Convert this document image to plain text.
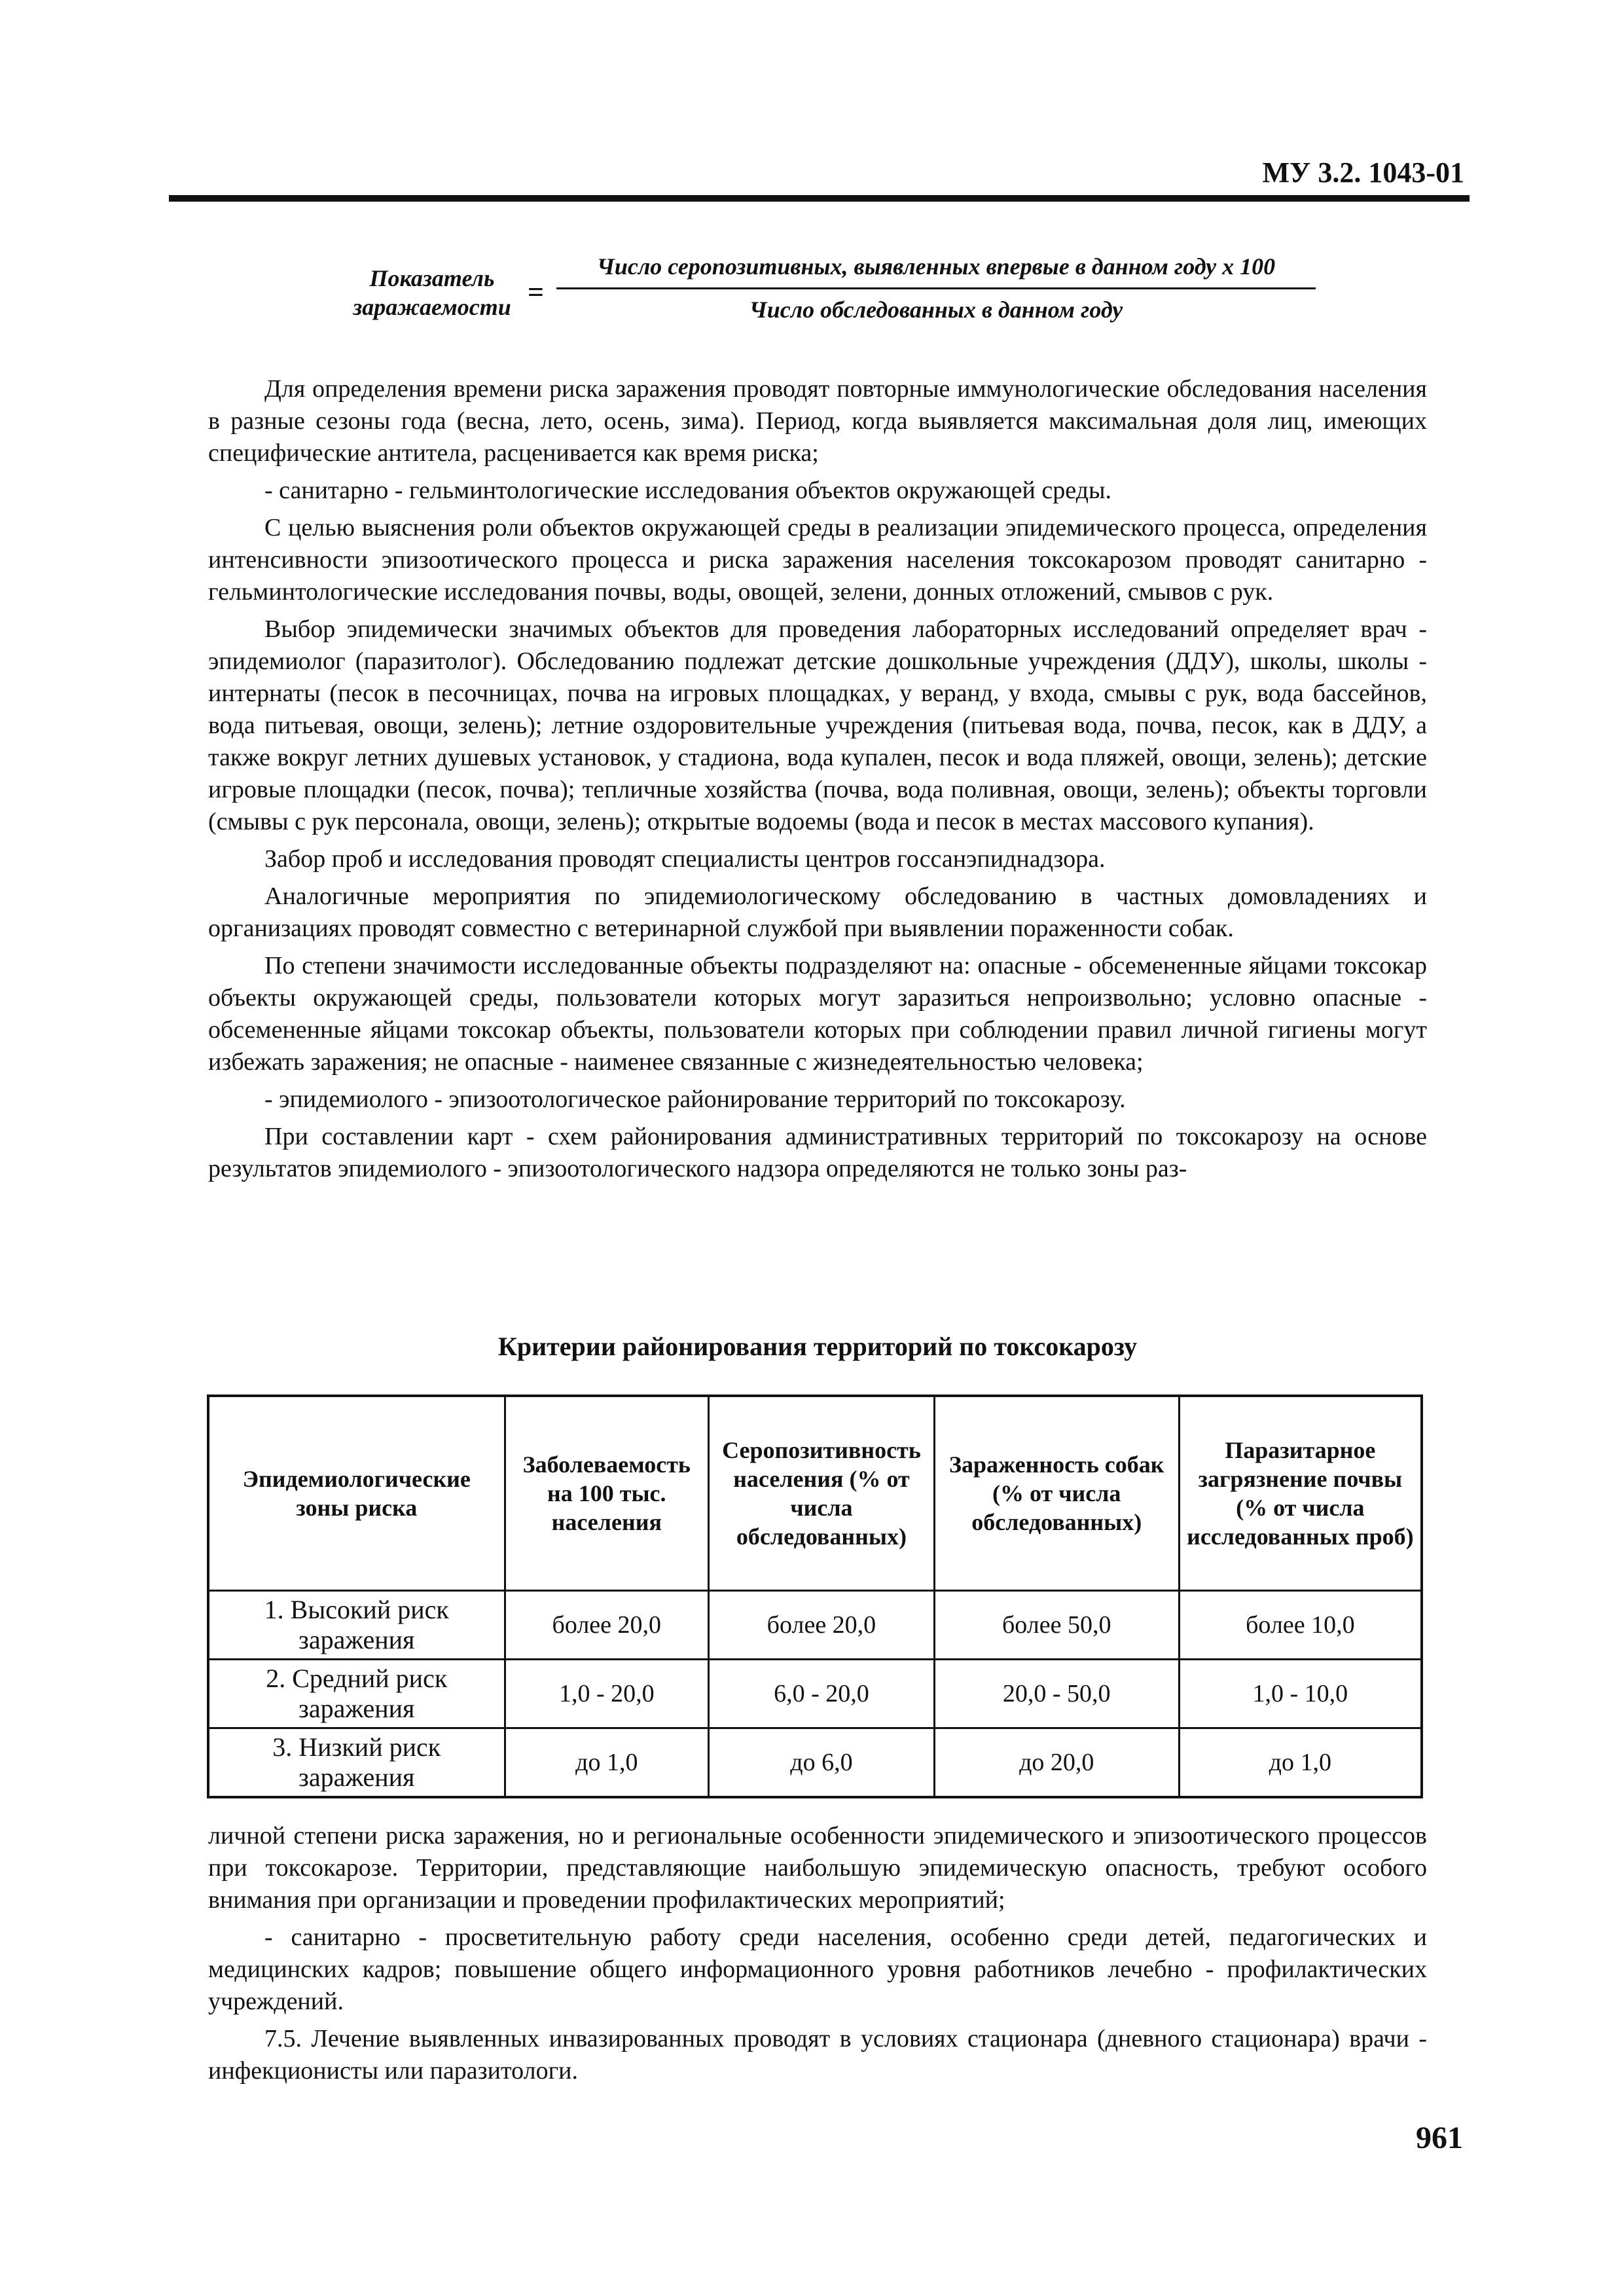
МУ 3.2. 1043-01
Показатель
заражаемости =
Число серопозитивных, выявленных впервые в данном году х 100
Число обследованных в данном году

Для определения времени риска заражения проводят повторные иммунологические обследования населения в разные сезоны года (весна, лето, осень, зима). Период, когда выявляется максимальная доля лиц, имеющих специфические антитела, расценивается как время риска;

- санитарно - гельминтологические исследования объектов окружающей среды.

С целью выяснения роли объектов окружающей среды в реализации эпидемического процесса, определения интенсивности эпизоотического процесса и риска заражения населения токсокарозом проводят санитарно - гельминтологические исследования почвы, воды, овощей, зелени, донных отложений, смывов с рук.

Выбор эпидемически значимых объектов для проведения лабораторных исследований определяет врач - эпидемиолог (паразитолог). Обследованию подлежат детские дошкольные учреждения (ДДУ), школы, школы - интернаты (песок в песочницах, почва на игровых площадках, у веранд, у входа, смывы с рук, вода бассейнов, вода питьевая, овощи, зелень); летние оздоровительные учреждения (питьевая вода, почва, песок, как в ДДУ, а также вокруг летних душевых установок, у стадиона, вода купален, песок и вода пляжей, овощи, зелень); детские игровые площадки (песок, почва); тепличные хозяйства (почва, вода поливная, овощи, зелень); объекты торговли (смывы с рук персонала, овощи, зелень); открытые водоемы (вода и песок в местах массового купания).

Забор проб и исследования проводят специалисты центров госсанэпиднадзора.

Аналогичные мероприятия по эпидемиологическому обследованию в частных домовладениях и организациях проводят совместно с ветеринарной службой при выявлении пораженности собак.

По степени значимости исследованные объекты подразделяют на: опасные - обсемененные яйцами токсокар объекты окружающей среды, пользователи которых могут заразиться непроизвольно; условно опасные - обсемененные яйцами токсокар объекты, пользователи которых при соблюдении правил личной гигиены могут избежать заражения; не опасные - наименее связанные с жизнедеятельностью человека;

- эпидемиолого - эпизоотологическое районирование территорий по токсокарозу.

При составлении карт - схем районирования административных территорий по токсокарозу на основе результатов эпидемиолого - эпизоотологического надзора определяются не только зоны раз-

Критерии районирования территорий по токсокарозу
Эпидемиологические зоны риска	Заболеваемость на 100 тыс. населения	Серопозитивность населения (% от числа обследованных)	Зараженность собак (% от числа обследованных)	Паразитарное загрязнение почвы (% от числа исследованных проб)
1. Высокий риск заражения	более 20,0	более 20,0	более 50,0	более 10,0
2. Средний риск заражения	1,0 - 20,0	6,0 - 20,0	20,0 - 50,0	1,0 - 10,0
3. Низкий риск заражения	до 1,0	до 6,0	до 20,0	до 1,0

личной степени риска заражения, но и региональные особенности эпидемического и эпизоотического процессов при токсокарозе. Территории, представляющие наибольшую эпидемическую опасность, требуют особого внимания при организации и проведении профилактических мероприятий;

- санитарно - просветительную работу среди населения, особенно среди детей, педагогических и медицинских кадров; повышение общего информационного уровня работников лечебно - профилактических учреждений.

7.5. Лечение выявленных инвазированных проводят в условиях стационара (дневного стационара) врачи - инфекционисты или паразитологи.

961
